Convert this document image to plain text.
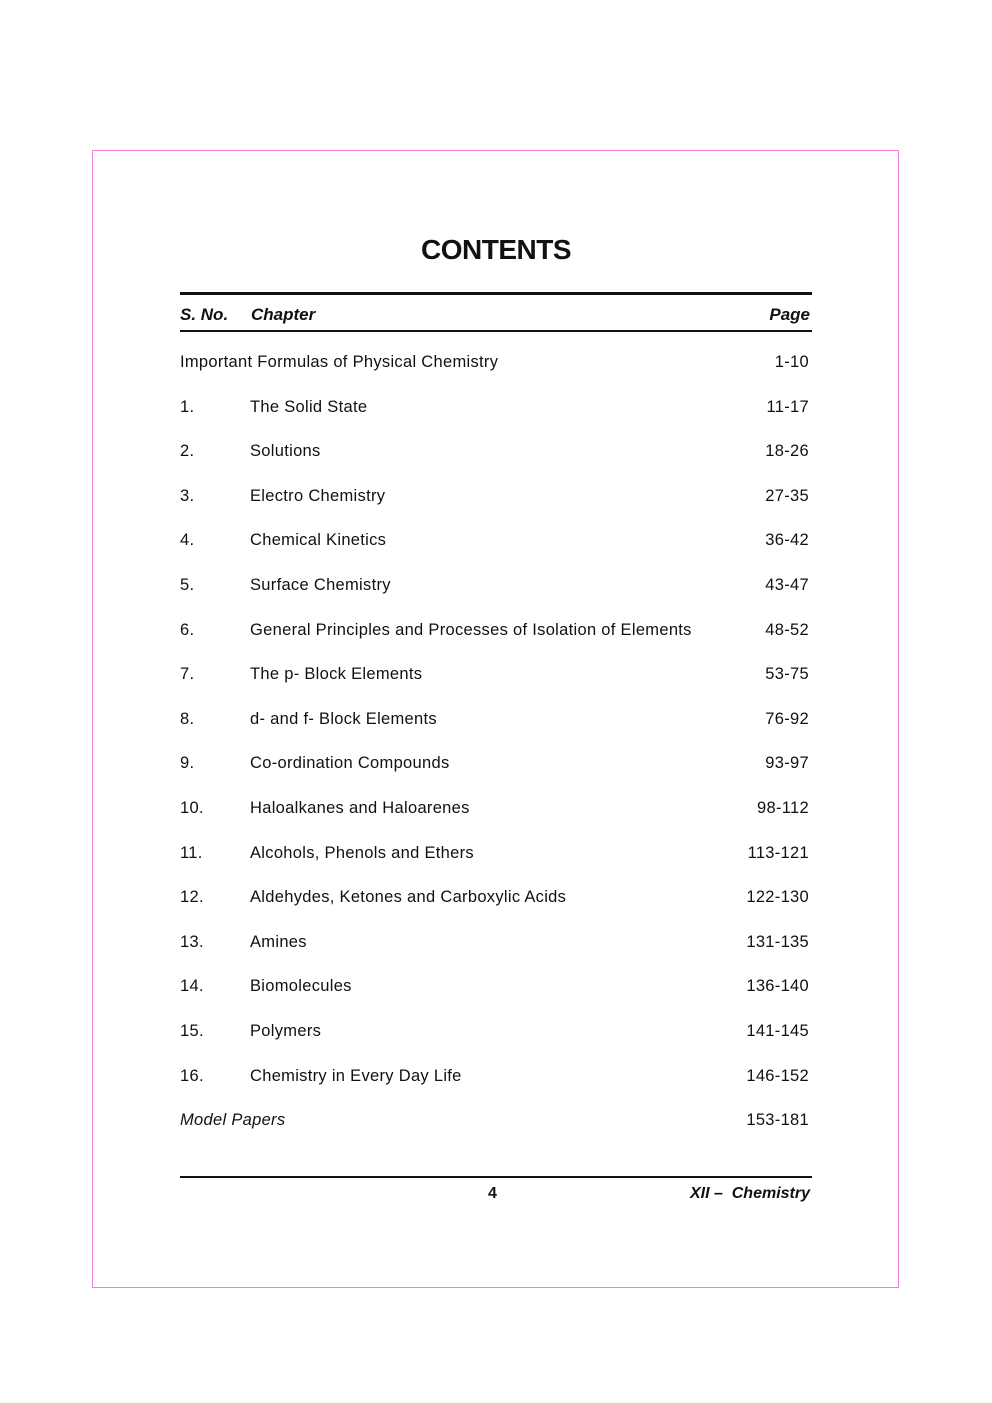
CONTENTS
S. No. Chapter	Page
Important Formulas of Physical Chemistry	1-10
1.	The Solid State	11-17
2.	Solutions	18-26
3.	Electro Chemistry	27-35
4.	Chemical Kinetics	36-42
5.	Surface Chemistry	43-47
6.	General Principles and Processes of Isolation of Elements	48-52
7.	The p- Block Elements	53-75
8.	d- and f- Block Elements	76-92
9.	Co-ordination Compounds	93-97
10.	Haloalkanes and Haloarenes	98-112
11.	Alcohols, Phenols and Ethers	113-121
12.	Aldehydes, Ketones and Carboxylic Acids	122-130
13.	Amines	131-135
14.	Biomolecules	136-140
15.	Polymers	141-145
16.	Chemistry in Every Day Life	146-152
Model Papers	153-181
4	XII –  Chemistry
